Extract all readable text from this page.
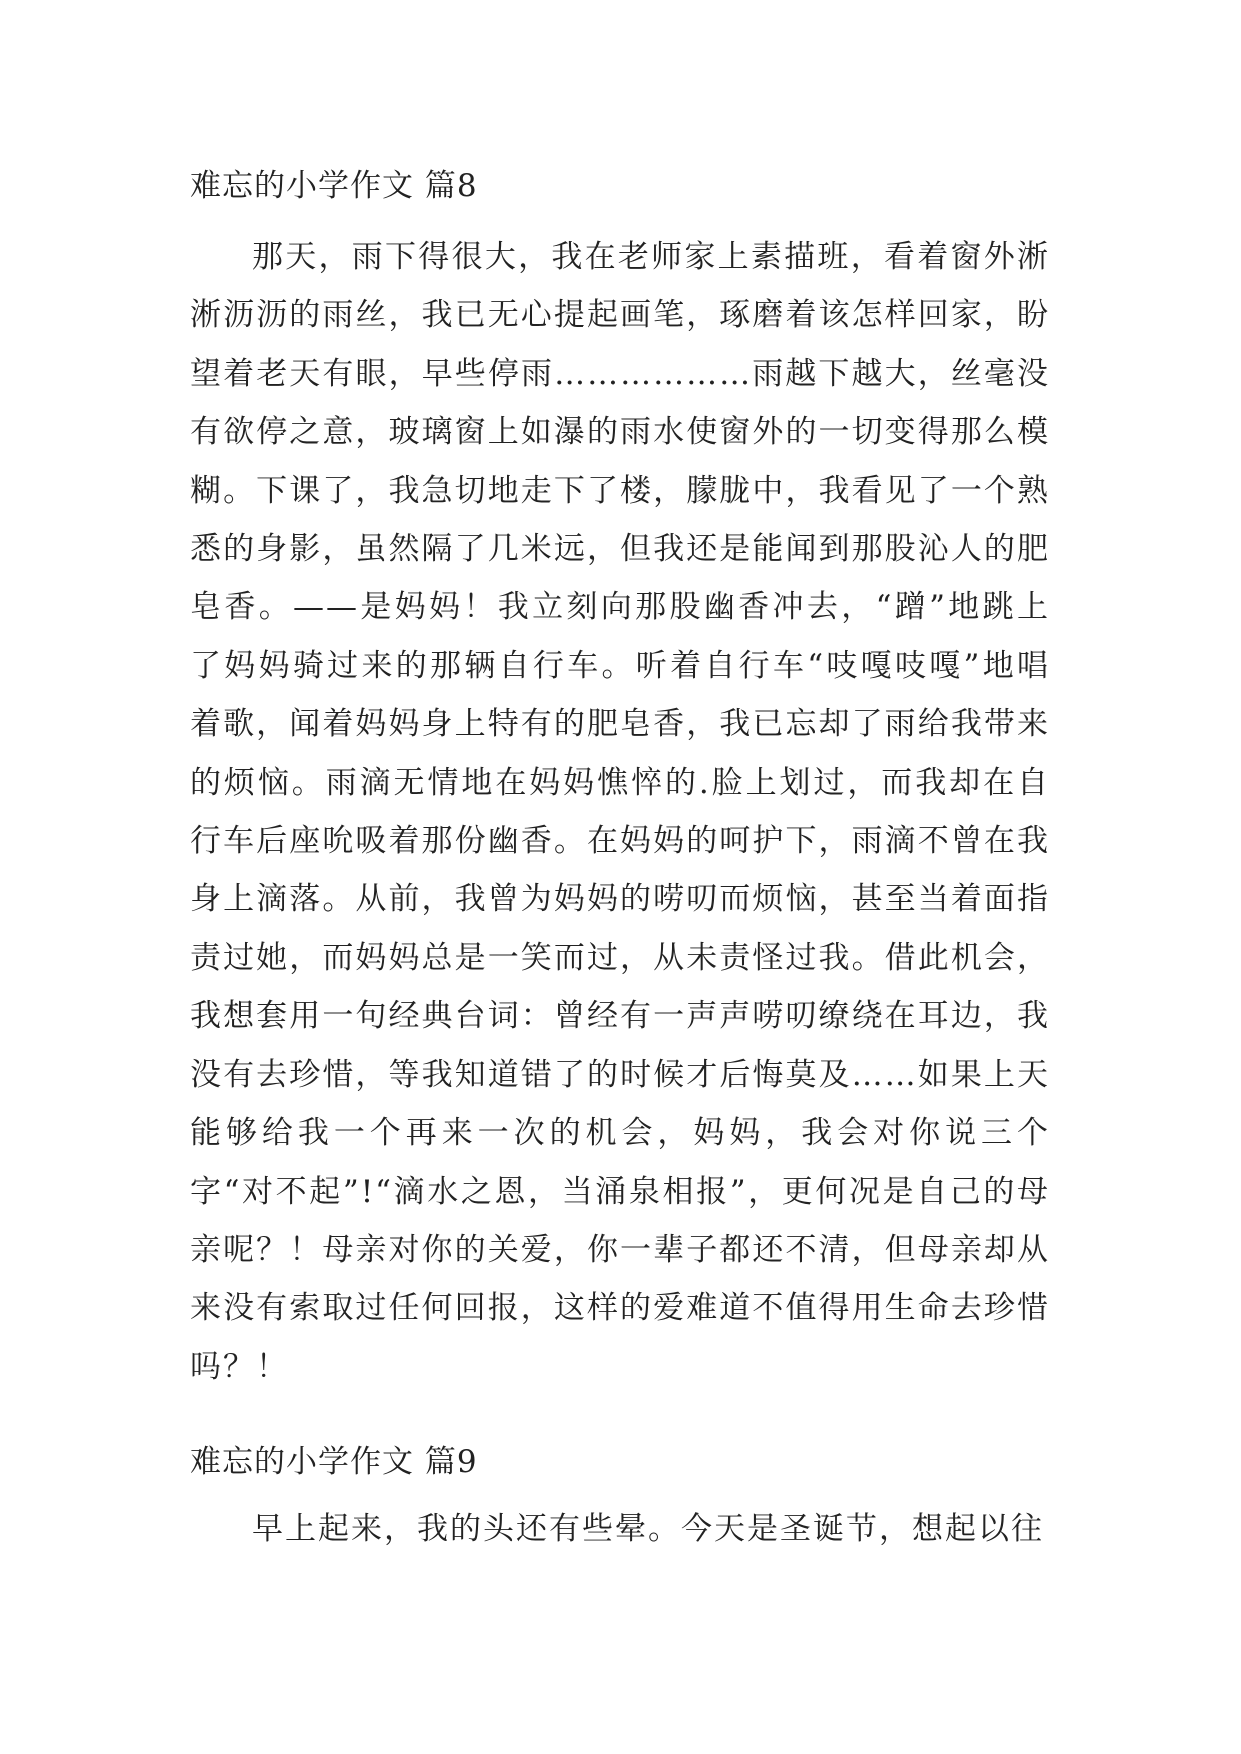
难忘的小学作文 篇8

那天，雨下得很大，我在老师家上素描班，看着窗外淅淅沥沥的雨丝，我已无心提起画笔，琢磨着该怎样回家，盼望着老天有眼，早些停雨………………雨越下越大，丝毫没有欲停之意，玻璃窗上如瀑的雨水使窗外的一切变得那么模糊。下课了，我急切地走下了楼，朦胧中，我看见了一个熟悉的身影，虽然隔了几米远，但我还是能闻到那股沁人的肥皂香。——是妈妈！我立刻向那股幽香冲去，“蹭”地跳上了妈妈骑过来的那辆自行车。听着自行车“吱嘎吱嘎”地唱着歌，闻着妈妈身上特有的肥皂香，我已忘却了雨给我带来的烦恼。雨滴无情地在妈妈憔悴的.脸上划过，而我却在自行车后座吮吸着那份幽香。在妈妈的呵护下，雨滴不曾在我身上滴落。从前，我曾为妈妈的唠叨而烦恼，甚至当着面指责过她，而妈妈总是一笑而过，从未责怪过我。借此机会，我想套用一句经典台词：曾经有一声声唠叨缭绕在耳边，我没有去珍惜，等我知道错了的时候才后悔莫及……如果上天能够给我一个再来一次的机会，妈妈，我会对你说三个字“对不起”!“滴水之恩，当涌泉相报”，更何况是自己的母亲呢？！母亲对你的关爱，你一辈子都还不清，但母亲却从来没有索取过任何回报，这样的爱难道不值得用生命去珍惜吗？！

难忘的小学作文 篇9

早上起来，我的头还有些晕。今天是圣诞节，想起以往
